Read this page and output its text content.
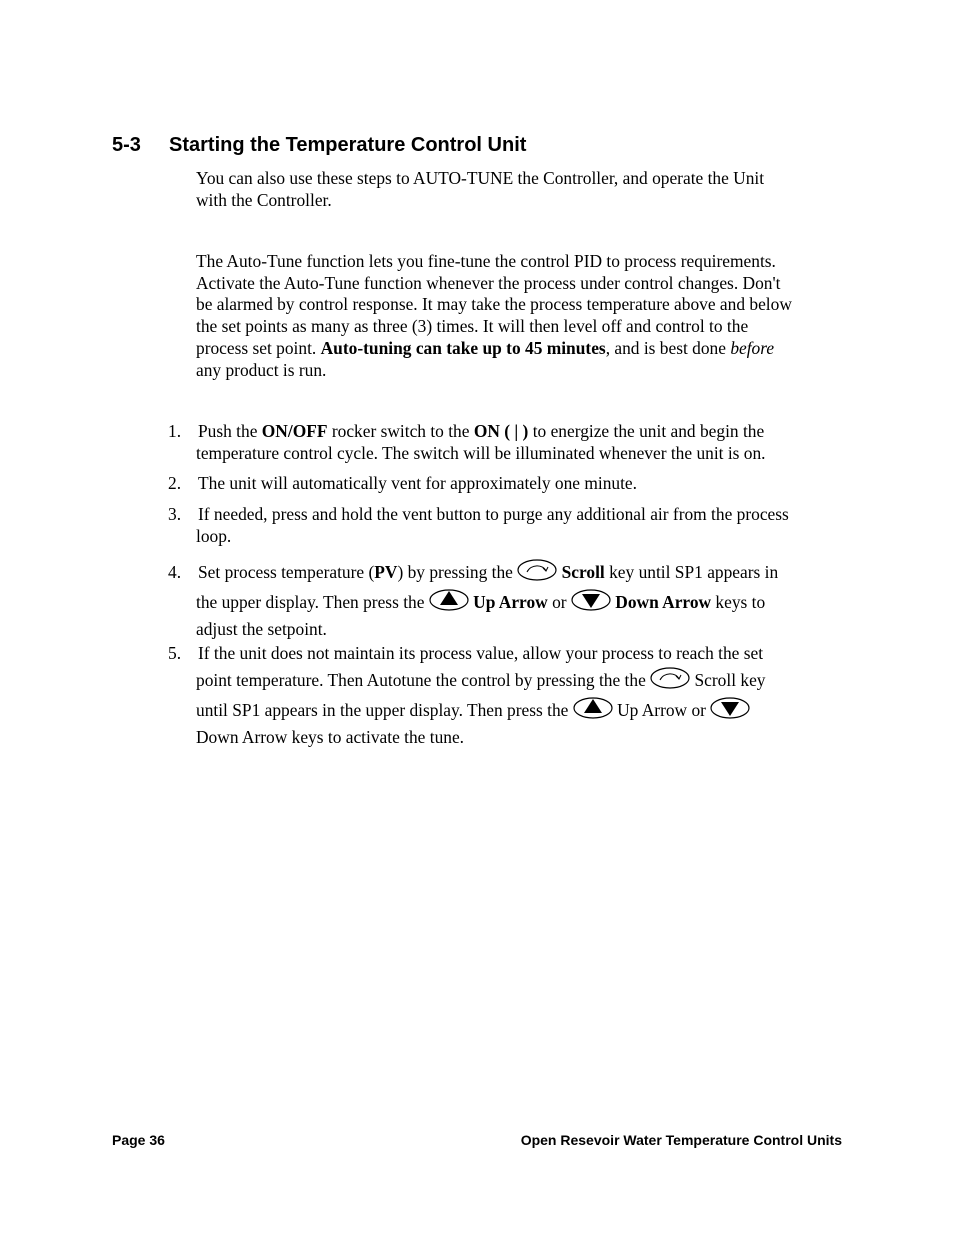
5-3 Starting the Temperature Control Unit

You can also use these steps to AUTO-TUNE the Controller, and operate the Unit
with the Controller.

The Auto-Tune function lets you fine-tune the control PID to process requirements.
Activate the Auto-Tune function whenever the process under control changes. Don't
be alarmed by control response. It may take the process temperature above and below
the set points as many as three (3) times. It will then level off and control to the
process set point. Auto-tuning can take up to 45 minutes, and is best done before
any product is run.

1. Push the ON/OFF rocker switch to the ON ( | ) to energize the unit and begin the
temperature control cycle. The switch will be illuminated whenever the unit is on.
2. The unit will automatically vent for approximately one minute.
3. If needed, press and hold the vent button to purge any additional air from the process
loop.
4. Set process temperature (PV) by pressing the	Scroll key until SP1 appears in
the upper display. Then press the	Up Arrow or	Down Arrow keys to
adjust the setpoint.
5. If the unit does not maintain its process value, allow your process to reach the set
point temperature. Then Autotune the control by pressing the the  Scroll key
until SP1 appears in the upper display. Then press the  Up Arrow or
Down Arrow keys to activate the tune.
Page 36	Open Resevoir Water Temperature Control Units
